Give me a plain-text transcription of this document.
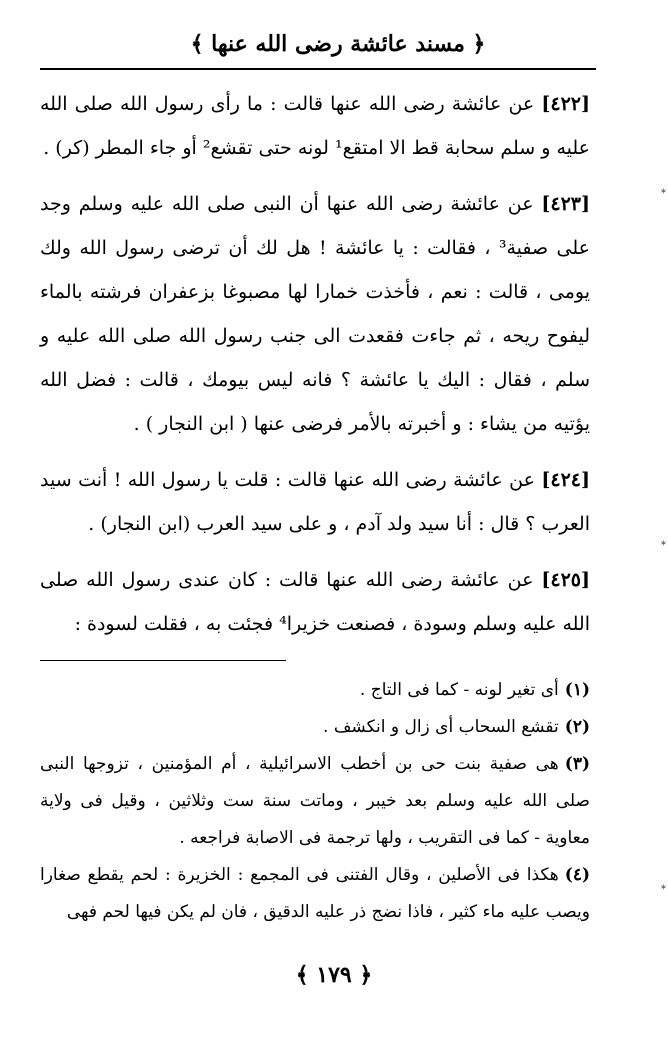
﴿ مسند عائشة رضى الله عنها ﴾

[٤٢٢] عن عائشة رضى الله عنها قالت : ما رأى رسول الله صلى الله عليه و سلم سحابة قط الا امتقع¹ لونه حتى تقشع² أو جاء المطر (كر) .

[٤٢٣] عن عائشة رضى الله عنها أن النبى صلى الله عليه وسلم وجد على صفية³ ، فقالت : يا عائشة ! هل لك أن ترضى رسول الله ولك يومى ، قالت : نعم ، فأخذت خمارا لها مصبوغا بزعفران فرشته بالماء ليفوح ريحه ، ثم جاءت فقعدت الى جنب رسول الله صلى الله عليه و سلم ، فقال : اليك يا عائشة ؟ فانه ليس بيومك ، قالت : فضل الله يؤتيه من يشاء : و أخبرته بالأمر فرضى عنها ( ابن النجار ) .

[٤٢٤] عن عائشة رضى الله عنها قالت : قلت يا رسول الله ! أنت سيد العرب ؟ قال : أنا سيد ولد آدم ، و على سيد العرب (ابن النجار) .

[٤٢٥] عن عائشة رضى الله عنها قالت : كان عندى رسول الله صلى الله عليه وسلم وسودة ، فصنعت خزيرا⁴ فجئت به ، فقلت لسودة :

(١)أى تغير لونه - كما فى التاج .

(٢)تقشع السحاب أى زال و انكشف .

(٣)هى صفية بنت حى بن أخطب الاسرائيلية ، أم المؤمنين ، تزوجها النبى صلى الله عليه وسلم بعد خيبر ، وماتت سنة ست وثلاثين ، وقيل فى ولاية معاوية - كما فى التقريب ، ولها ترجمة فى الاصابة فراجعه .

(٤)هكذا فى الأصلين ، وقال الفتنى فى المجمع : الخزيرة : لحم يقطع صغارا ويصب عليه ماء كثير ، فاذا نضج ذر عليه الدقيق ، فان لم يكن فيها لحم فهى

﴿ ١٧٩ ﴾
*
*
*
